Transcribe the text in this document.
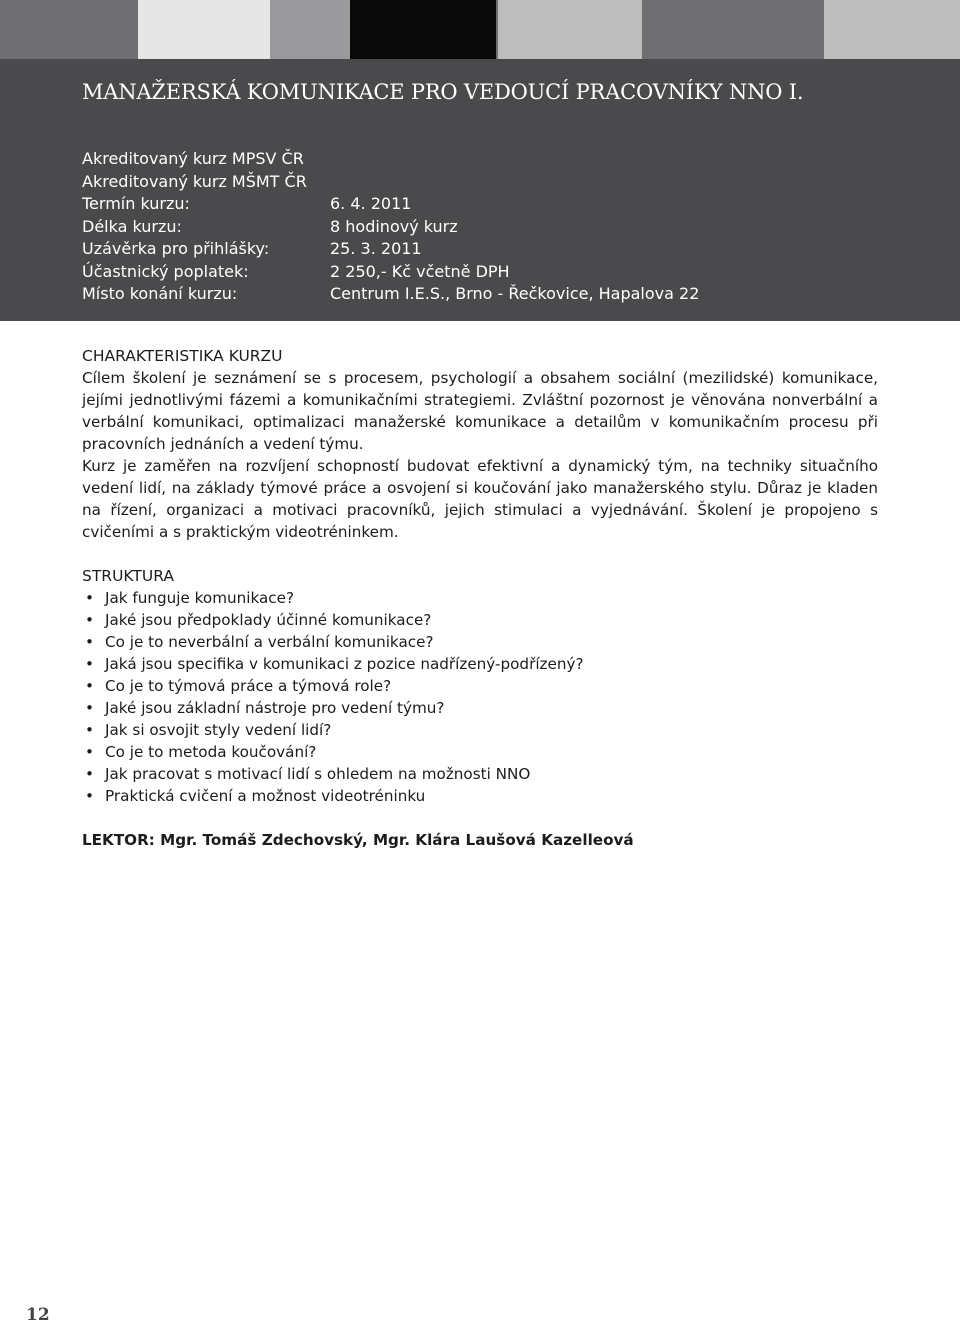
MANAŽERSKÁ KOMUNIKACE PRO VEDOUCÍ PRACOVNÍKY NNO I.
Akreditovaný kurz MPSV ČR
Akreditovaný kurz MŠMT ČR
Termín kurzu:	6. 4. 2011
Délka kurzu:	8 hodinový kurz
Uzávěrka pro přihlášky:	25. 3. 2011
Účastnický poplatek:	2 250,- Kč včetně DPH
Místo konání kurzu:	Centrum I.E.S., Brno - Řečkovice, Hapalova 22
CHARAKTERISTIKA KURZU

Cílem školení je seznámení se s procesem, psychologií a obsahem sociální (mezilidské) komunikace, jejími jednotlivými fázemi a komunikačními strategiemi. Zvláštní pozornost je věnována nonverbální a verbální komunikaci, optimalizaci manažerské komunikace a detailům v komunikačním procesu při pracovních jednáních a vedení týmu.

Kurz je zaměřen na rozvíjení schopností budovat efektivní a dynamický tým, na techniky situačního vedení lidí, na základy týmové práce a osvojení si koučování jako manažerského stylu. Důraz je kladen na řízení, organizaci a motivaci pracovníků, jejich stimulaci a vyjednávání. Školení je propojeno s cvičeními a s praktickým videotréninkem.

STRUKTURA
• Jak funguje komunikace?
• Jaké jsou předpoklady účinné komunikace?
• Co je to neverbální a verbální komunikace?
• Jaká jsou specifika v komunikaci z pozice nadřízený-podřízený?
• Co je to týmová práce a týmová role?
• Jaké jsou základní nástroje pro vedení týmu?
• Jak si osvojit styly vedení lidí?
• Co je to metoda koučování?
• Jak pracovat s motivací lidí s ohledem na možnosti NNO
• Praktická cvičení a možnost videotréninku
LEKTOR: Mgr. Tomáš Zdechovský, Mgr. Klára Laušová Kazelleová
12
